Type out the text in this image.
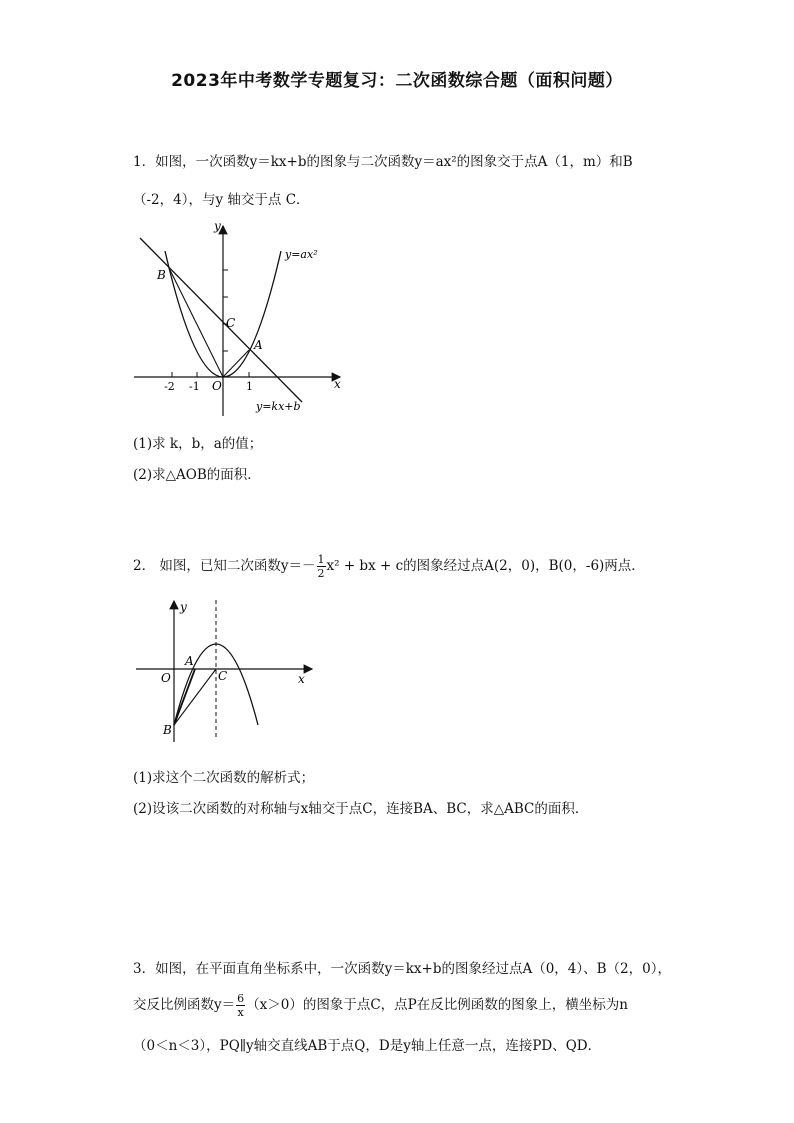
2023年中考数学专题复习：二次函数综合题（面积问题）
1．如图，一次函数y＝kx+b的图象与二次函数y＝ax²的图象交于点A（1，m）和B
（-2，4），与y 轴交于点 C．
y
x
y=ax²
y=kx+b
B
C
A
O
-2 -1	1
(1)求 k，b，a的值；
(2)求△AOB的面积．
2． 如图，已知二次函数$y=- \frac{1}{2} x^2$ + bx + c的图象经过点A(2，0)，B(0，-6)两点．
y
x
A
O	C
B
(1)求这个二次函数的解析式；
(2)设该二次函数的对称轴与x轴交于点C，连接BA、BC，求△ABC的面积．
3．如图，在平面直角坐标系中，一次函数y＝kx+b的图象经过点A（0，4）、B（2，0），
交反比例函数$y= \frac{6}{x} (x>0)$的图象于点C，点P在反比例函数的图象上，横坐标为n
（0＜n＜3），PQ∥y轴交直线AB于点Q，D是y轴上任意一点，连接PD、QD．
